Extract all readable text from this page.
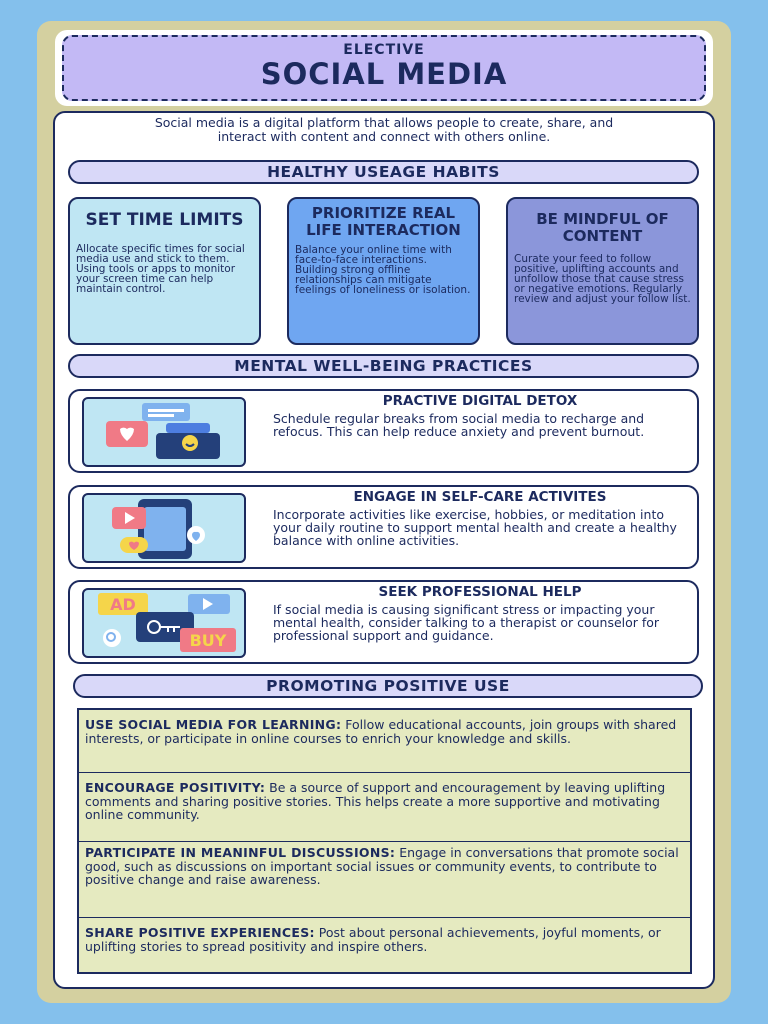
ELECTIVE
SOCIAL MEDIA
Social media is a digital platform that allows people to create, share, and interact with content and connect with others online.
HEALTHY USEAGE HABITS
SET TIME LIMITS
Allocate specific times for social media use and stick to them. Using tools or apps to monitor your screen time can help maintain control.
PRIORITIZE REAL LIFE INTERACTION
Balance your online time with face-to-face interactions. Building strong offline relationships can mitigate feelings of loneliness or isolation.
BE MINDFUL OF CONTENT
Curate your feed to follow positive, uplifting accounts and unfollow those that cause stress or negative emotions. Regularly review and adjust your follow list.
MENTAL WELL-BEING PRACTICES
PRACTIVE DIGITAL DETOX
Schedule regular breaks from social media to recharge and refocus. This can help reduce anxiety and prevent burnout.
ENGAGE IN SELF-CARE ACTIVITES
Incorporate activities like exercise, hobbies, or meditation into your daily routine to support mental health and create a healthy balance with online activities.
AD
BUY
SEEK PROFESSIONAL HELP
If social media is causing significant stress or impacting your mental health, consider talking to a therapist or counselor for professional support and guidance.
PROMOTING POSITIVE USE
USE SOCIAL MEDIA FOR LEARNING: Follow educational accounts, join groups with shared interests, or participate in online courses to enrich your knowledge and skills.
ENCOURAGE POSITIVITY: Be a source of support and encouragement by leaving uplifting comments and sharing positive stories. This helps create a more supportive and motivating online community.
PARTICIPATE IN MEANINFUL DISCUSSIONS: Engage in conversations that promote social good, such as discussions on important social issues or community events, to contribute to positive change and raise awareness.
SHARE POSITIVE EXPERIENCES: Post about personal achievements, joyful moments, or uplifting stories to spread positivity and inspire others.
